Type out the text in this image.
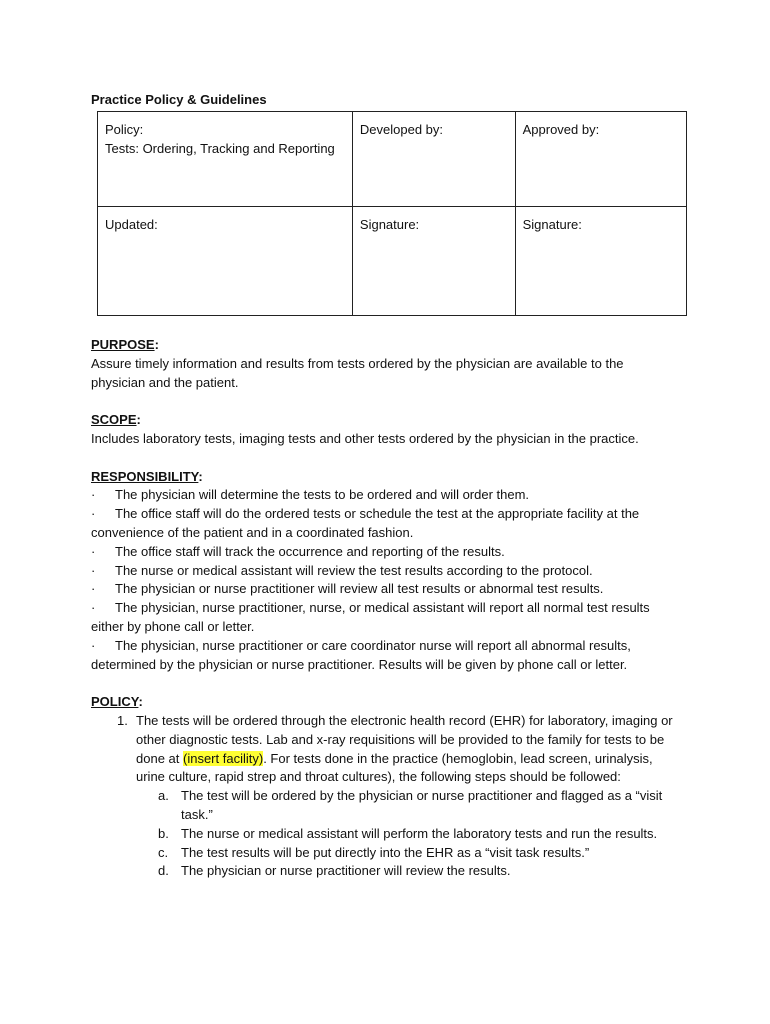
Practice Policy & Guidelines
Policy:
Tests: Ordering, Tracking and Reporting	Developed by:	Approved by:
Updated:	Signature:	Signature:
PURPOSE:
Assure timely information and results from tests ordered by the physician are available to the physician and the patient.
SCOPE:
Includes laboratory tests, imaging tests and other tests ordered by the physician in the practice.
RESPONSIBILITY:
· The physician will determine the tests to be ordered and will order them.
· The office staff will do the ordered tests or schedule the test at the appropriate facility at the convenience of the patient and in a coordinated fashion.
· The office staff will track the occurrence and reporting of the results.
· The nurse or medical assistant will review the test results according to the protocol.
· The physician or nurse practitioner will review all test results or abnormal test results.
· The physician, nurse practitioner, nurse, or medical assistant will report all normal test results either by phone call or letter.
· The physician, nurse practitioner or care coordinator nurse will report all abnormal results, determined by the physician or nurse practitioner. Results will be given by phone call or letter.
POLICY:
1. The tests will be ordered through the electronic health record (EHR) for laboratory, imaging or other diagnostic tests. Lab and x-ray requisitions will be provided to the family for tests to be done at (insert facility). For tests done in the practice (hemoglobin, lead screen, urinalysis, urine culture, rapid strep and throat cultures), the following steps should be followed:
a. The test will be ordered by the physician or nurse practitioner and flagged as a “visit task.”
b. The nurse or medical assistant will perform the laboratory tests and run the results.
c. The test results will be put directly into the EHR as a “visit task results.”
d. The physician or nurse practitioner will review the results.
